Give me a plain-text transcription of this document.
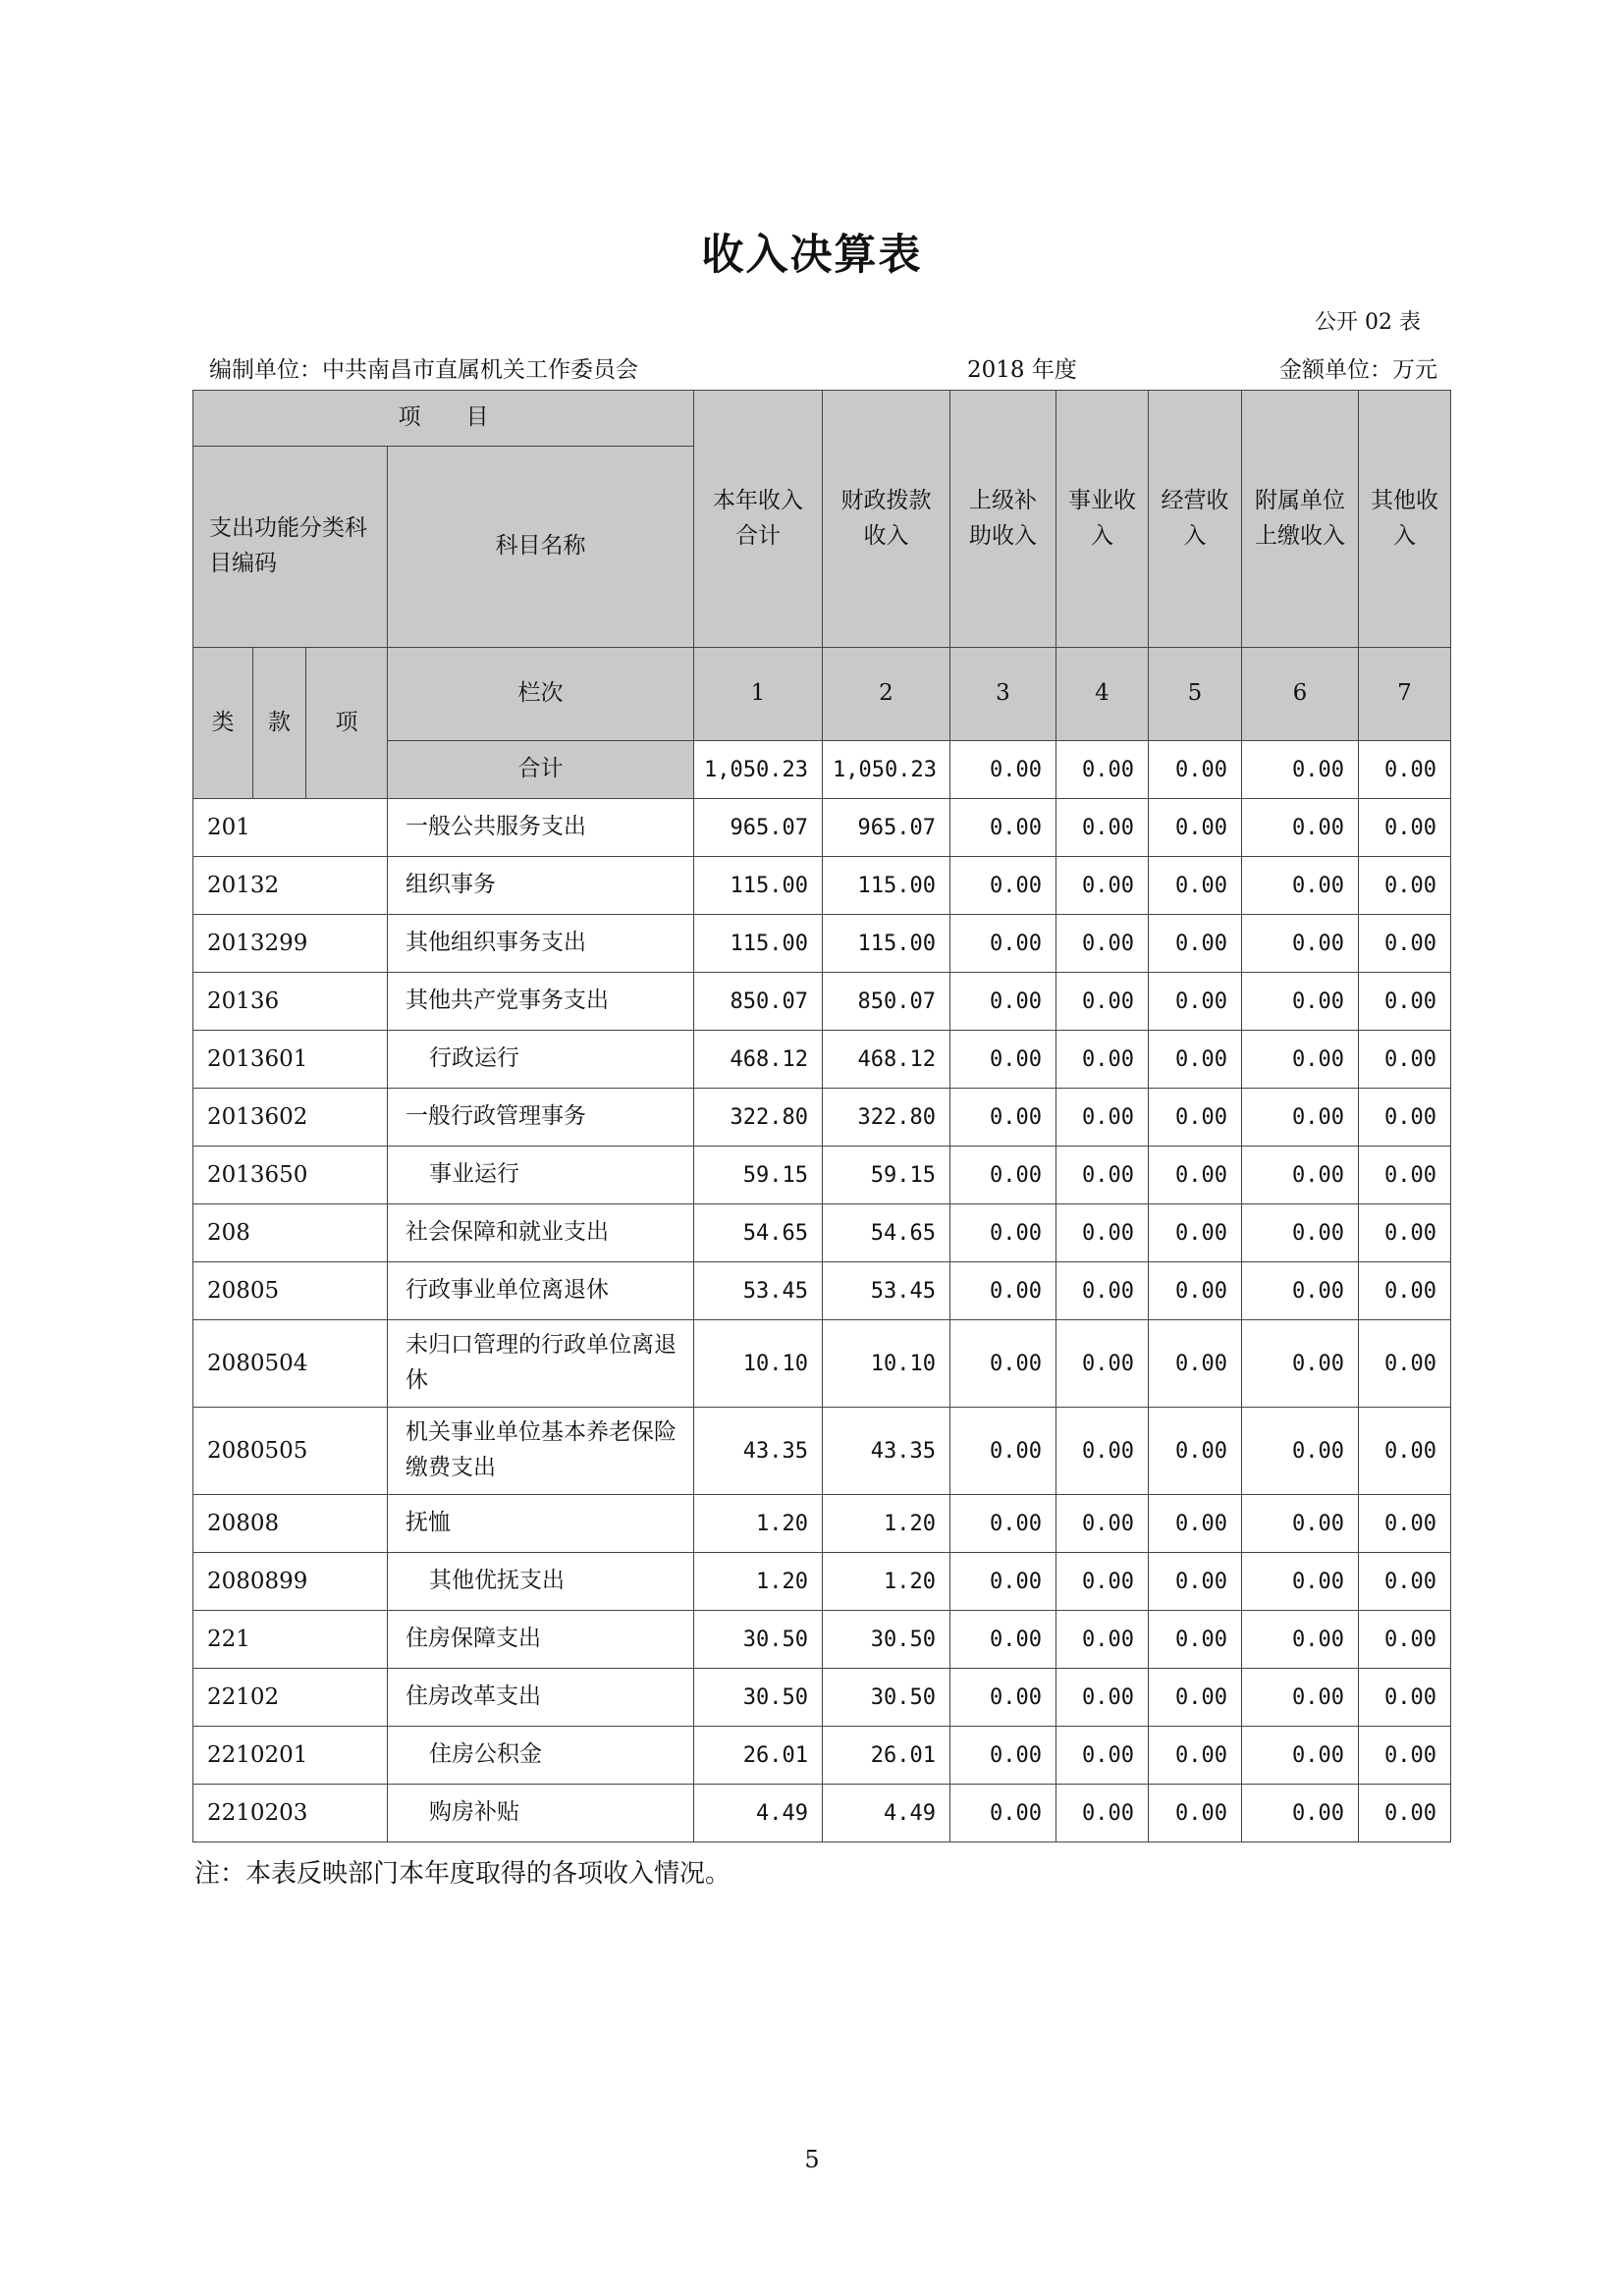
收入决算表
公开 02 表
编制单位：中共南昌市直属机关工作委员会	2018 年度	金额单位：万元
项　　目				本年收入合计	财政拨款收入	上级补助收入	事业收入	经营收入	附属单位上缴收入	其他收入
支出功能分类科目编码			科目名称							
类	款	项	栏次	1	2	3	4	5	6	7
			合计	1,050.23	1,050.23	0.00	0.00	0.00	0.00	0.00
201			一般公共服务支出	965.07	965.07	0.00	0.00	0.00	0.00	0.00
20132			组织事务	115.00	115.00	0.00	0.00	0.00	0.00	0.00
2013299			其他组织事务支出	115.00	115.00	0.00	0.00	0.00	0.00	0.00
20136			其他共产党事务支出	850.07	850.07	0.00	0.00	0.00	0.00	0.00
2013601			行政运行	468.12	468.12	0.00	0.00	0.00	0.00	0.00
2013602			一般行政管理事务	322.80	322.80	0.00	0.00	0.00	0.00	0.00
2013650			事业运行	59.15	59.15	0.00	0.00	0.00	0.00	0.00
208			社会保障和就业支出	54.65	54.65	0.00	0.00	0.00	0.00	0.00
20805			行政事业单位离退休	53.45	53.45	0.00	0.00	0.00	0.00	0.00
2080504			未归口管理的行政单位离退休	10.10	10.10	0.00	0.00	0.00	0.00	0.00
2080505			机关事业单位基本养老保险缴费支出	43.35	43.35	0.00	0.00	0.00	0.00	0.00
20808			抚恤	1.20	1.20	0.00	0.00	0.00	0.00	0.00
2080899			其他优抚支出	1.20	1.20	0.00	0.00	0.00	0.00	0.00
221			住房保障支出	30.50	30.50	0.00	0.00	0.00	0.00	0.00
22102			住房改革支出	30.50	30.50	0.00	0.00	0.00	0.00	0.00
2210201			住房公积金	26.01	26.01	0.00	0.00	0.00	0.00	0.00
2210203			购房补贴	4.49	4.49	0.00	0.00	0.00	0.00	0.00
注：本表反映部门本年度取得的各项收入情况。
5
